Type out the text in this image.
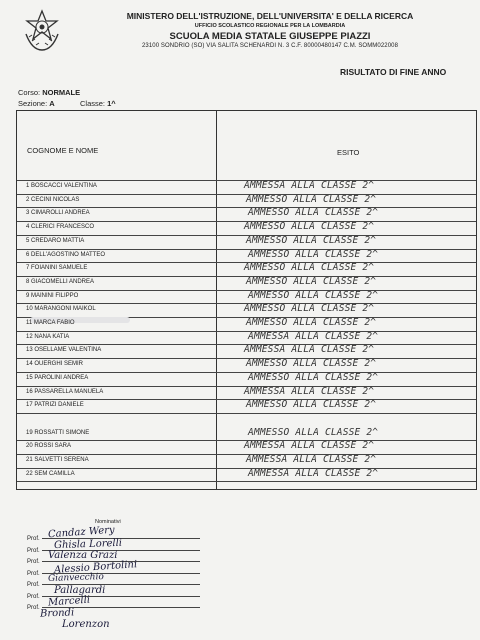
MINISTERO DELL'ISTRUZIONE, DELL'UNIVERSITA' E DELLA RICERCA
UFFICIO SCOLASTICO REGIONALE PER LA LOMBARDIA
SCUOLA MEDIA STATALE GIUSEPPE PIAZZI
23100 SONDRIO (SO) VIA SALITA SCHENARDI N. 3 C.F. 80000480147 C.M. SOMM022008
RISULTATO DI FINE ANNO
Corso: NORMALE
Sezione: A	Classe: 1^
COGNOME E NOME	ESITO
1 BOSCACCI VALENTINA	AMMESSA ALLA CLASSE 2^
2 CECINI NICOLAS	AMMESSO ALLA CLASSE 2^
3 CIMAROLLI ANDREA	AMMESSO ALLA CLASSE 2^
4 CLERICI FRANCESCO	AMMESSO ALLA CLASSE 2^
5 CREDARO MATTIA	AMMESSO ALLA CLASSE 2^
6 DELL'AGOSTINO MATTEO	AMMESSO ALLA CLASSE 2^
7 FOIANINI SAMUELE	AMMESSO ALLA CLASSE 2^
8 GIACOMELLI ANDREA	AMMESSO ALLA CLASSE 2^
9 MAININI FILIPPO	AMMESSO ALLA CLASSE 2^
10 MARANGONI MAIKOL	AMMESSO ALLA CLASSE 2^
11 MARCA FABIO	AMMESSO ALLA CLASSE 2^
12 NANA KATIA	AMMESSA ALLA CLASSE 2^
13 OSELLAME VALENTINA	AMMESSA ALLA CLASSE 2^
14 OUERGHI SEMIR	AMMESSO ALLA CLASSE 2^
15 PAROLINI ANDREA	AMMESSO ALLA CLASSE 2^
16 PASSARELLA MANUELA	AMMESSA ALLA CLASSE 2^
17 PATRIZI DANIELE	AMMESSO ALLA CLASSE 2^
19 ROSSATTI SIMONE	AMMESSO ALLA CLASSE 2^
20 ROSSI SARA	AMMESSA ALLA CLASSE 2^
21 SALVETTI SERENA	AMMESSA ALLA CLASSE 2^
22 SEM CAMILLA	AMMESSA ALLA CLASSE 2^
Nominativi
Prof. Candaz Wery
Prof. Ghisla Lorelli
Prof.
Valenza Grazi
Prof. Alessio Bortolini
Prof.
Gianvecchio
Prof.
Pallagardi
Prof. Marcelli
Brondi
Lorenzon
